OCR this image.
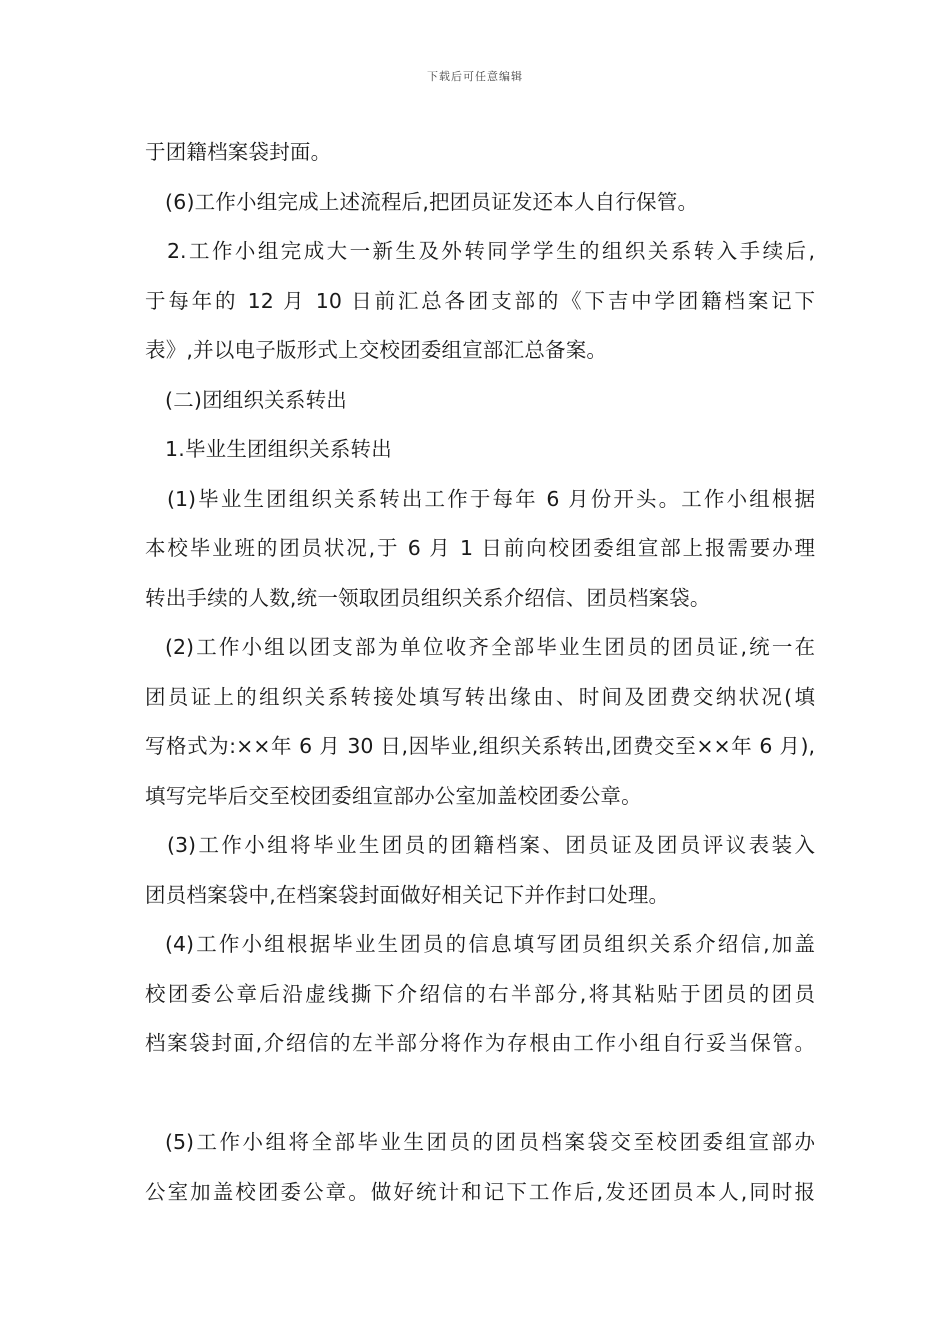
下载后可任意编辑
于团籍档案袋封面。
(6)工作小组完成上述流程后,把团员证发还本人自行保管。
2.工作小组完成大一新生及外转同学学生的组织关系转入手续后,
于每年的 12 月 10 日前汇总各团支部的《下吉中学团籍档案记下
表》,并以电子版形式上交校团委组宣部汇总备案。
(二)团组织关系转出
1.毕业生团组织关系转出
(1)毕业生团组织关系转出工作于每年 6 月份开头。工作小组根据
本校毕业班的团员状况,于 6 月 1 日前向校团委组宣部上报需要办理
转出手续的人数,统一领取团员组织关系介绍信、团员档案袋。
(2)工作小组以团支部为单位收齐全部毕业生团员的团员证,统一在
团员证上的组织关系转接处填写转出缘由、时间及团费交纳状况(填
写格式为:××年 6 月 30 日,因毕业,组织关系转出,团费交至××年 6 月),
填写完毕后交至校团委组宣部办公室加盖校团委公章。
(3)工作小组将毕业生团员的团籍档案、团员证及团员评议表装入
团员档案袋中,在档案袋封面做好相关记下并作封口处理。
(4)工作小组根据毕业生团员的信息填写团员组织关系介绍信,加盖
校团委公章后沿虚线撕下介绍信的右半部分,将其粘贴于团员的团员
档案袋封面,介绍信的左半部分将作为存根由工作小组自行妥当保管。
(5)工作小组将全部毕业生团员的团员档案袋交至校团委组宣部办
公室加盖校团委公章。做好统计和记下工作后,发还团员本人,同时报
